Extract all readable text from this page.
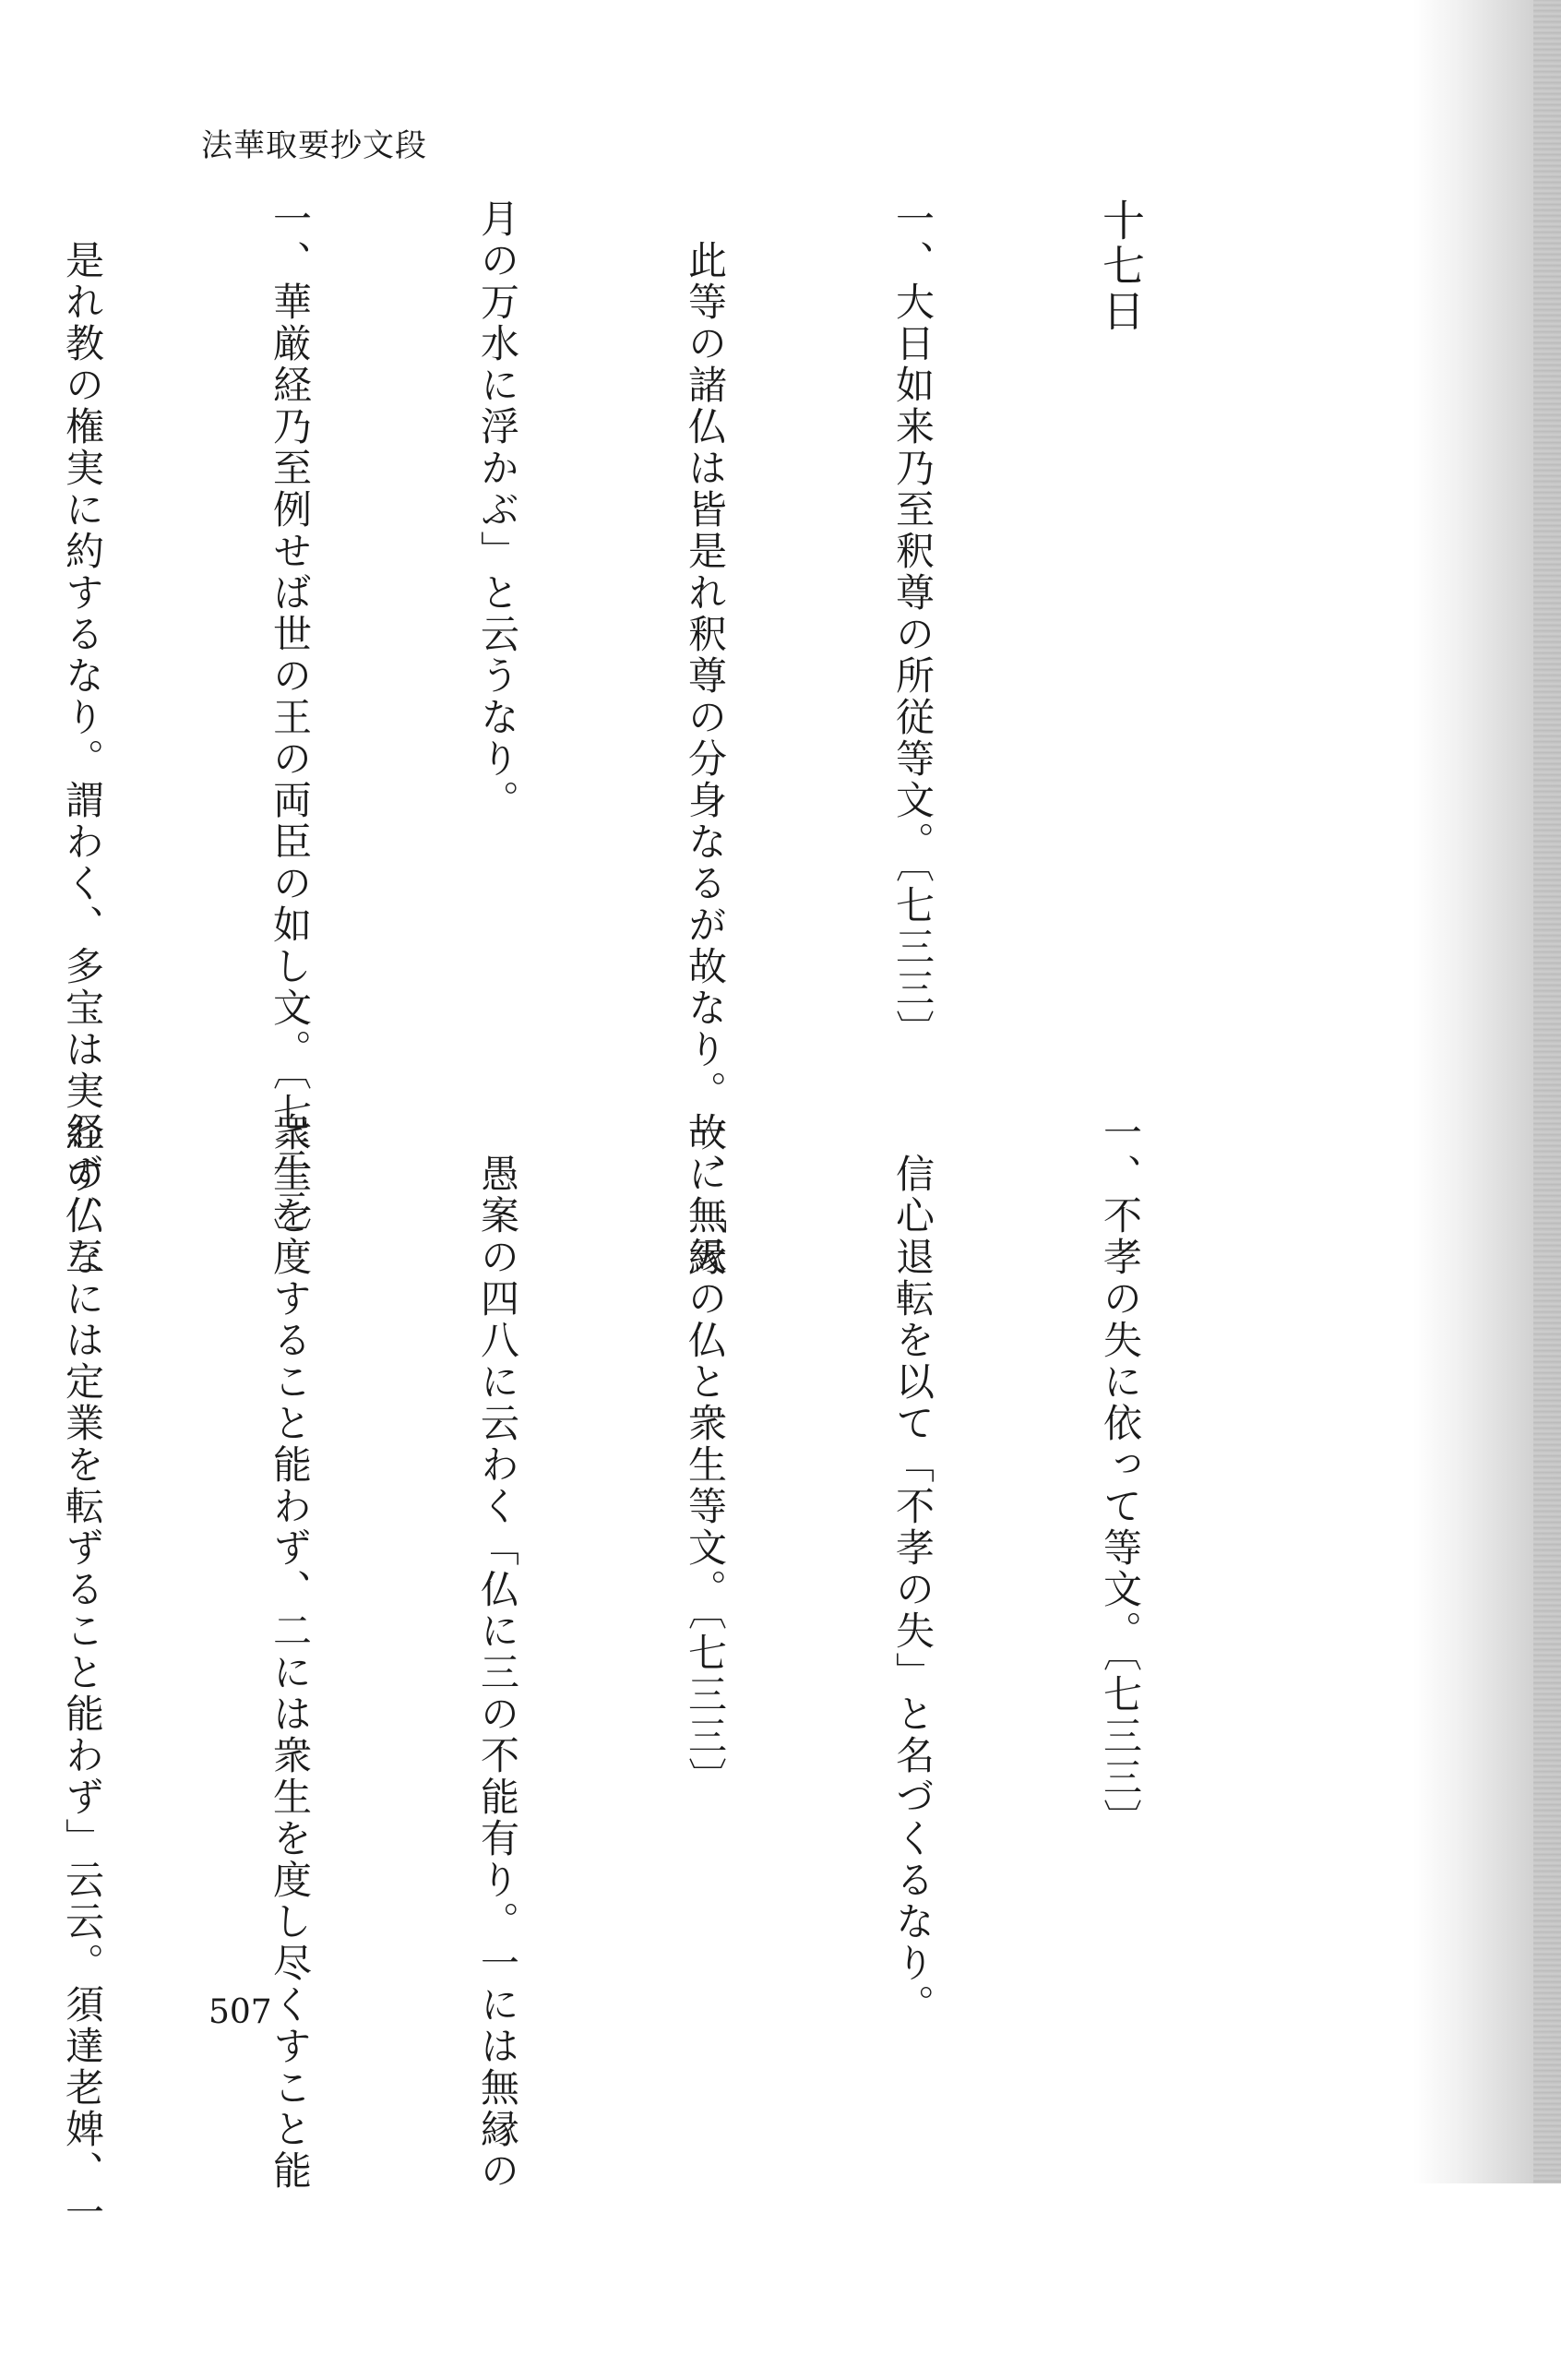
法華取要抄文段

十七日

一、大日如来乃至釈尊の所従等文。〔七三三〕

　此等の諸仏は皆是れ釈尊の分身なるが故なり。故に「天

月の万水に浮かぶ」と云うなり。

一、華厳経乃至例せば世の王の両臣の如し文。〔七三三〕

　是れ教の権実に約するなり。謂わく、多宝は実経の仏な

一、不孝の失に依って等文。〔七三三〕

　信心退転を以て「不孝の失」と名づくるなり。

一、無縁の仏と衆生等文。〔七三三〕

　愚案の四八に云わく「仏に三の不能有り。一には無縁の

衆生を度すること能わず、二には衆生を度し尽くすこと能

わず、三には定業を転ずること能わず」云云。須達老婢、一

	507
